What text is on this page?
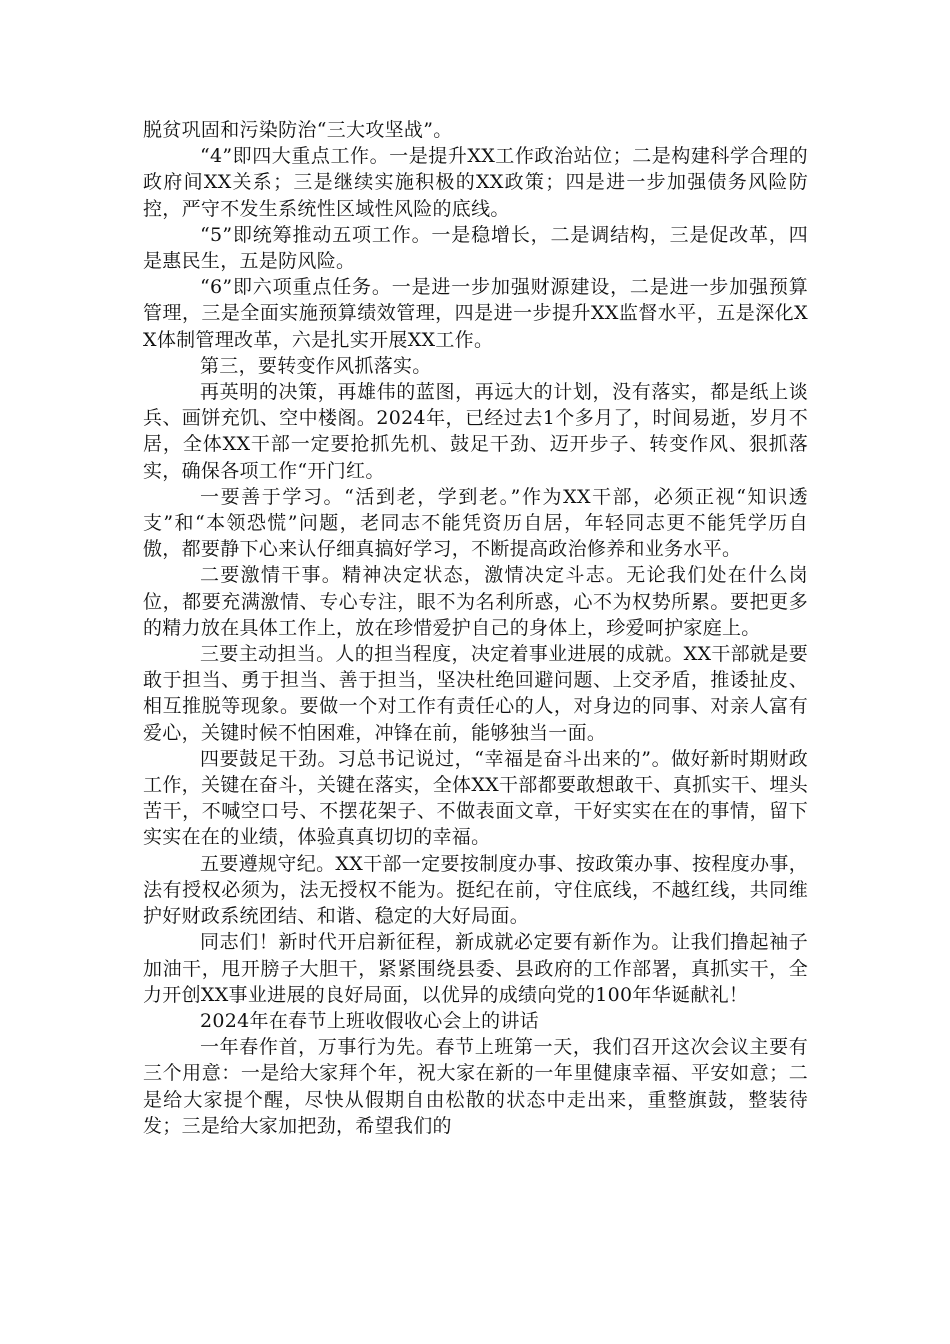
脱贫巩固和污染防治“三大攻坚战”。

“4”即四大重点工作。一是提升XX工作政治站位；二是构建科学合理的政府间XX关系；三是继续实施积极的XX政策；四是进一步加强债务风险防控，严守不发生系统性区域性风险的底线。

“5”即统筹推动五项工作。一是稳增长，二是调结构，三是促改革，四是惠民生，五是防风险。

“6”即六项重点任务。一是进一步加强财源建设，二是进一步加强预算管理，三是全面实施预算绩效管理，四是进一步提升XX监督水平，五是深化XX体制管理改革，六是扎实开展XX工作。

第三，要转变作风抓落实。

再英明的决策，再雄伟的蓝图，再远大的计划，没有落实，都是纸上谈兵、画饼充饥、空中楼阁。2024年，已经过去1个多月了，时间易逝，岁月不居，全体XX干部一定要抢抓先机、鼓足干劲、迈开步子、转变作风、狠抓落实，确保各项工作“开门红。

一要善于学习。“活到老，学到老。”作为XX干部，必须正视“知识透支”和“本领恐慌”问题，老同志不能凭资历自居，年轻同志更不能凭学历自傲，都要静下心来认仔细真搞好学习，不断提高政治修养和业务水平。

二要激情干事。精神决定状态，激情决定斗志。无论我们处在什么岗位，都要充满激情、专心专注，眼不为名利所惑，心不为权势所累。要把更多的精力放在具体工作上，放在珍惜爱护自己的身体上，珍爱呵护家庭上。

三要主动担当。人的担当程度，决定着事业进展的成就。XX干部就是要敢于担当、勇于担当、善于担当，坚决杜绝回避问题、上交矛盾，推诿扯皮、相互推脱等现象。要做一个对工作有责任心的人，对身边的同事、对亲人富有爱心，关键时候不怕困难，冲锋在前，能够独当一面。

四要鼓足干劲。习总书记说过，“幸福是奋斗出来的”。做好新时期财政工作，关键在奋斗，关键在落实，全体XX干部都要敢想敢干、真抓实干、埋头苦干，不喊空口号、不摆花架子、不做表面文章，干好实实在在的事情，留下实实在在的业绩，体验真真切切的幸福。

五要遵规守纪。XX干部一定要按制度办事、按政策办事、按程度办事，法有授权必须为，法无授权不能为。挺纪在前，守住底线，不越红线，共同维护好财政系统团结、和谐、稳定的大好局面。

同志们！新时代开启新征程，新成就必定要有新作为。让我们撸起袖子加油干，甩开膀子大胆干，紧紧围绕县委、县政府的工作部署，真抓实干，全力开创XX事业进展的良好局面，以优异的成绩向党的100年华诞献礼！

2024年在春节上班收假收心会上的讲话

一年春作首，万事行为先。春节上班第一天，我们召开这次会议主要有三个用意：一是给大家拜个年，祝大家在新的一年里健康幸福、平安如意；二是给大家提个醒，尽快从假期自由松散的状态中走出来，重整旗鼓，整装待发；三是给大家加把劲，希望我们的
